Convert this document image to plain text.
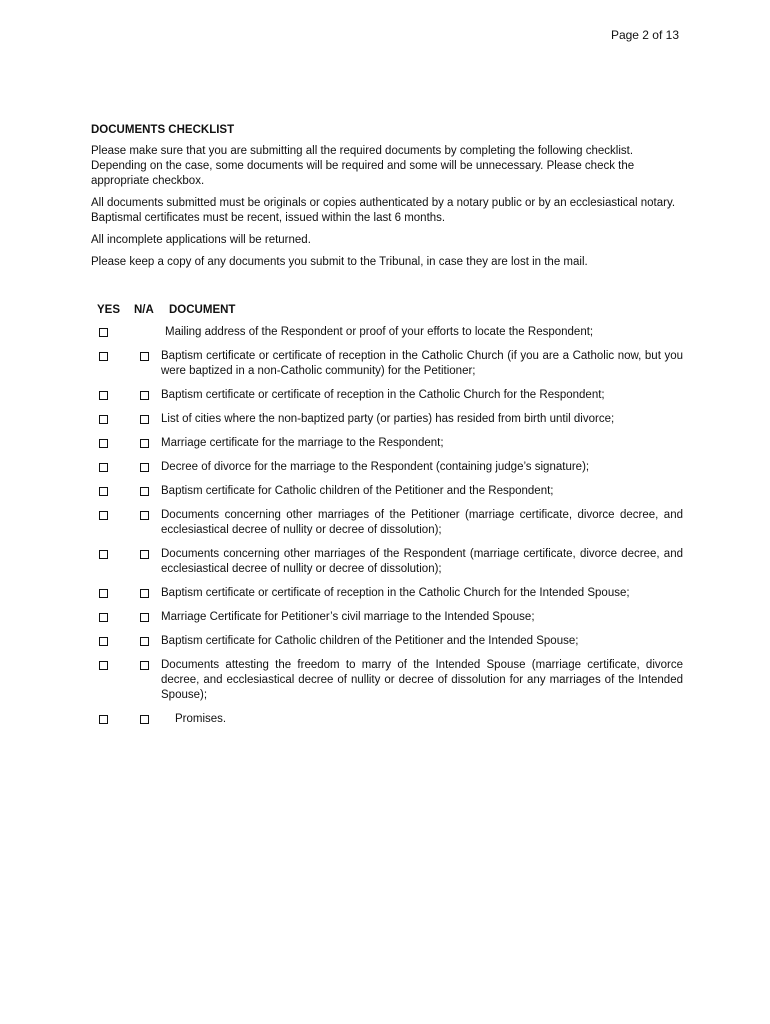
Page 2 of 13
DOCUMENTS CHECKLIST

Please make sure that you are submitting all the required documents by completing the following checklist. Depending on the case, some documents will be required and some will be unnecessary. Please check the appropriate checkbox.

All documents submitted must be originals or copies authenticated by a notary public or by an ecclesiastical notary. Baptismal certificates must be recent, issued within the last 6 months.

All incomplete applications will be returned.

Please keep a copy of any documents you submit to the Tribunal, in case they are lost in the mail.

YES	N/A	DOCUMENT
Mailing address of the Respondent or proof of your efforts to locate the Respondent;
Baptism certificate or certificate of reception in the Catholic Church (if you are a Catholic now, but you were baptized in a non-Catholic community) for the Petitioner;
Baptism certificate or certificate of reception in the Catholic Church for the Respondent;
List of cities where the non-baptized party (or parties) has resided from birth until divorce;
Marriage certificate for the marriage to the Respondent;
Decree of divorce for the marriage to the Respondent (containing judge’s signature);
Baptism certificate for Catholic children of the Petitioner and the Respondent;
Documents concerning other marriages of the Petitioner (marriage certificate, divorce decree, and ecclesiastical decree of nullity or decree of dissolution);
Documents concerning other marriages of the Respondent (marriage certificate, divorce decree, and ecclesiastical decree of nullity or decree of dissolution);
Baptism certificate or certificate of reception in the Catholic Church for the Intended Spouse;
Marriage Certificate for Petitioner’s civil marriage to the Intended Spouse;
Baptism certificate for Catholic children of the Petitioner and the Intended Spouse;
Documents attesting the freedom to marry of the Intended Spouse (marriage certificate, divorce decree, and ecclesiastical decree of nullity or decree of dissolution for any marriages of the Intended Spouse);
Promises.
